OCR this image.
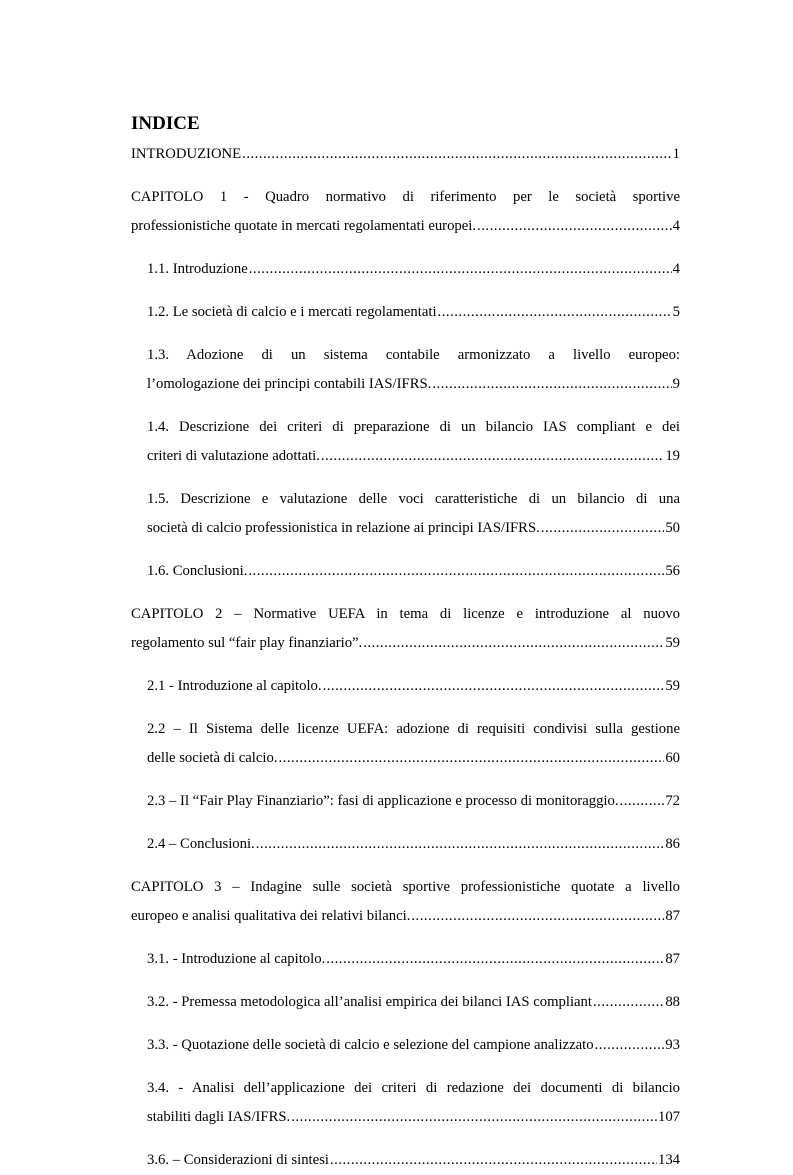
INDICE
INTRODUZIONE .....	1
CAPITOLO 1 - Quadro normativo di riferimento per le società sportive
professionistiche quotate in mercati regolamentati europei. .....	4
1.1. Introduzione .....	4
1.2. Le società di calcio e i mercati regolamentati .....	5
1.3. Adozione di un sistema contabile armonizzato a livello europeo:
l’omologazione dei principi contabili IAS/IFRS. .....	9
1.4. Descrizione dei criteri di preparazione di un bilancio IAS compliant e dei
criteri di valutazione adottati. .....	19
1.5. Descrizione e valutazione delle voci caratteristiche di un bilancio di una
società di calcio professionistica in relazione ai principi IAS/IFRS. .....	50
1.6. Conclusioni. .....	56
CAPITOLO 2 – Normative UEFA in tema di licenze e introduzione al nuovo
regolamento sul “fair play finanziario”. .....	59
2.1 - Introduzione al capitolo. .....	59
2.2 – Il Sistema delle licenze UEFA: adozione di requisiti condivisi sulla gestione
delle società di calcio. .....	60
2.3 – Il “Fair Play Finanziario”: fasi di applicazione e processo di monitoraggio. .....	72
2.4 – Conclusioni. .....	86
CAPITOLO 3 – Indagine sulle società sportive professionistiche quotate a livello
europeo e analisi qualitativa dei relativi bilanci. .....	87
3.1. - Introduzione al capitolo. .....	87
3.2. - Premessa metodologica all’analisi empirica dei bilanci IAS compliant .....	88
3.3. - Quotazione delle società di calcio e selezione del campione analizzato .....	93
3.4. - Analisi dell’applicazione dei criteri di redazione dei documenti di bilancio
stabiliti dagli IAS/IFRS. .....	107
3.6. – Considerazioni di sintesi .....	134
